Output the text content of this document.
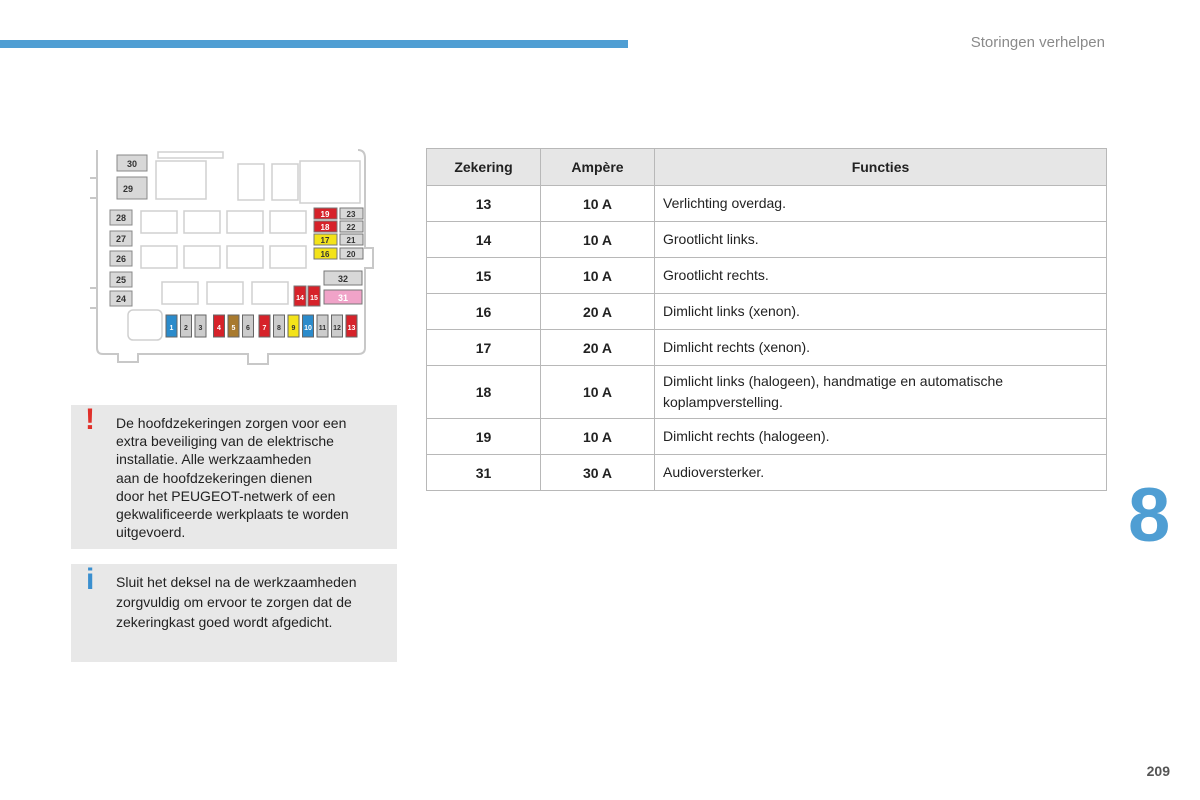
Storingen verhelpen
30
29
28
27
26
25
24
19
18
17
16
23
22
21
20
32
31
14 15
1 2 3 4 5 6 7 8 9 10 11 12 13
Zekering	Ampère	Functies
13	10 A	Verlichting overdag.
14	10 A	Grootlicht links.
15	10 A	Grootlicht rechts.
16	20 A	Dimlicht links (xenon).
17	20 A	Dimlicht rechts (xenon).
18	10 A	Dimlicht links (halogeen), handmatige en automatische
koplampverstelling.
19	10 A	Dimlicht rechts (halogeen).
31	30 A	Audioversterker.
! De hoofdzekeringen zorgen voor een
extra beveiliging van de elektrische
installatie. Alle werkzaamheden
aan de hoofdzekeringen dienen
door het PEUGEOT-netwerk of een
gekwalificeerde werkplaats te worden
uitgevoerd.
i Sluit het deksel na de werkzaamheden
zorgvuldig om ervoor te zorgen dat de
zekeringkast goed wordt afgedicht.
8
209
